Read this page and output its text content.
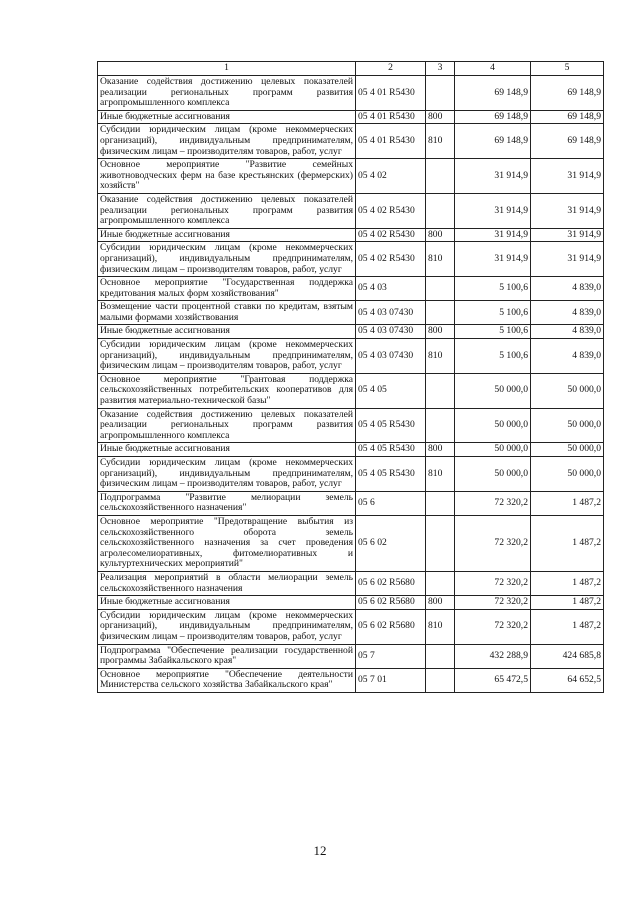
1	2	3	4	5
Оказание содействия достижению целевых показателей реализации региональных программ развития агропромышленного комплекса	05 4 01 R5430		69 148,9	69 148,9
Иные бюджетные ассигнования	05 4 01 R5430	800	69 148,9	69 148,9
Субсидии юридическим лицам (кроме некоммерческих организаций), индивидуальным предпринимателям, физическим лицам – производителям товаров, работ, услуг	05 4 01 R5430	810	69 148,9	69 148,9
Основное мероприятие "Развитие семейных животноводческих ферм на базе крестьянских (фермерских) хозяйств"	05 4 02		31 914,9	31 914,9
Оказание содействия достижению целевых показателей реализации региональных программ развития агропромышленного комплекса	05 4 02 R5430		31 914,9	31 914,9
Иные бюджетные ассигнования	05 4 02 R5430	800	31 914,9	31 914,9
Субсидии юридическим лицам (кроме некоммерческих организаций), индивидуальным предпринимателям, физическим лицам – производителям товаров, работ, услуг	05 4 02 R5430	810	31 914,9	31 914,9
Основное мероприятие "Государственная поддержка кредитования малых форм хозяйствования"	05 4 03		5 100,6	4 839,0
Возмещение части процентной ставки по кредитам, взятым малыми формами хозяйствования	05 4 03 07430		5 100,6	4 839,0
Иные бюджетные ассигнования	05 4 03 07430	800	5 100,6	4 839,0
Субсидии юридическим лицам (кроме некоммерческих организаций), индивидуальным предпринимателям, физическим лицам – производителям товаров, работ, услуг	05 4 03 07430	810	5 100,6	4 839,0
Основное мероприятие "Грантовая поддержка сельскохозяйственных потребительских кооперативов для развития материально-технической базы"	05 4 05		50 000,0	50 000,0
Оказание содействия достижению целевых показателей реализации региональных программ развития агропромышленного комплекса	05 4 05 R5430		50 000,0	50 000,0
Иные бюджетные ассигнования	05 4 05 R5430	800	50 000,0	50 000,0
Субсидии юридическим лицам (кроме некоммерческих организаций), индивидуальным предпринимателям, физическим лицам – производителям товаров, работ, услуг	05 4 05 R5430	810	50 000,0	50 000,0
Подпрограмма "Развитие мелиорации земель сельскохозяйственного назначения"	05 6		72 320,2	1 487,2
Основное мероприятие "Предотвращение выбытия из сельскохозяйственного оборота земель сельскохозяйственного назначения за счет проведения агролесомелиоративных, фитомелиоративных и культуртехнических мероприятий"	05 6 02		72 320,2	1 487,2
Реализация мероприятий в области мелиорации земель сельскохозяйственного назначения	05 6 02 R5680		72 320,2	1 487,2
Иные бюджетные ассигнования	05 6 02 R5680	800	72 320,2	1 487,2
Субсидии юридическим лицам (кроме некоммерческих организаций), индивидуальным предпринимателям, физическим лицам – производителям товаров, работ, услуг	05 6 02 R5680	810	72 320,2	1 487,2
Подпрограмма "Обеспечение реализации государственной программы Забайкальского края"	05 7		432 288,9	424 685,8
Основное мероприятие "Обеспечение деятельности Министерства сельского хозяйства Забайкальского края"	05 7 01		65 472,5	64 652,5
12
